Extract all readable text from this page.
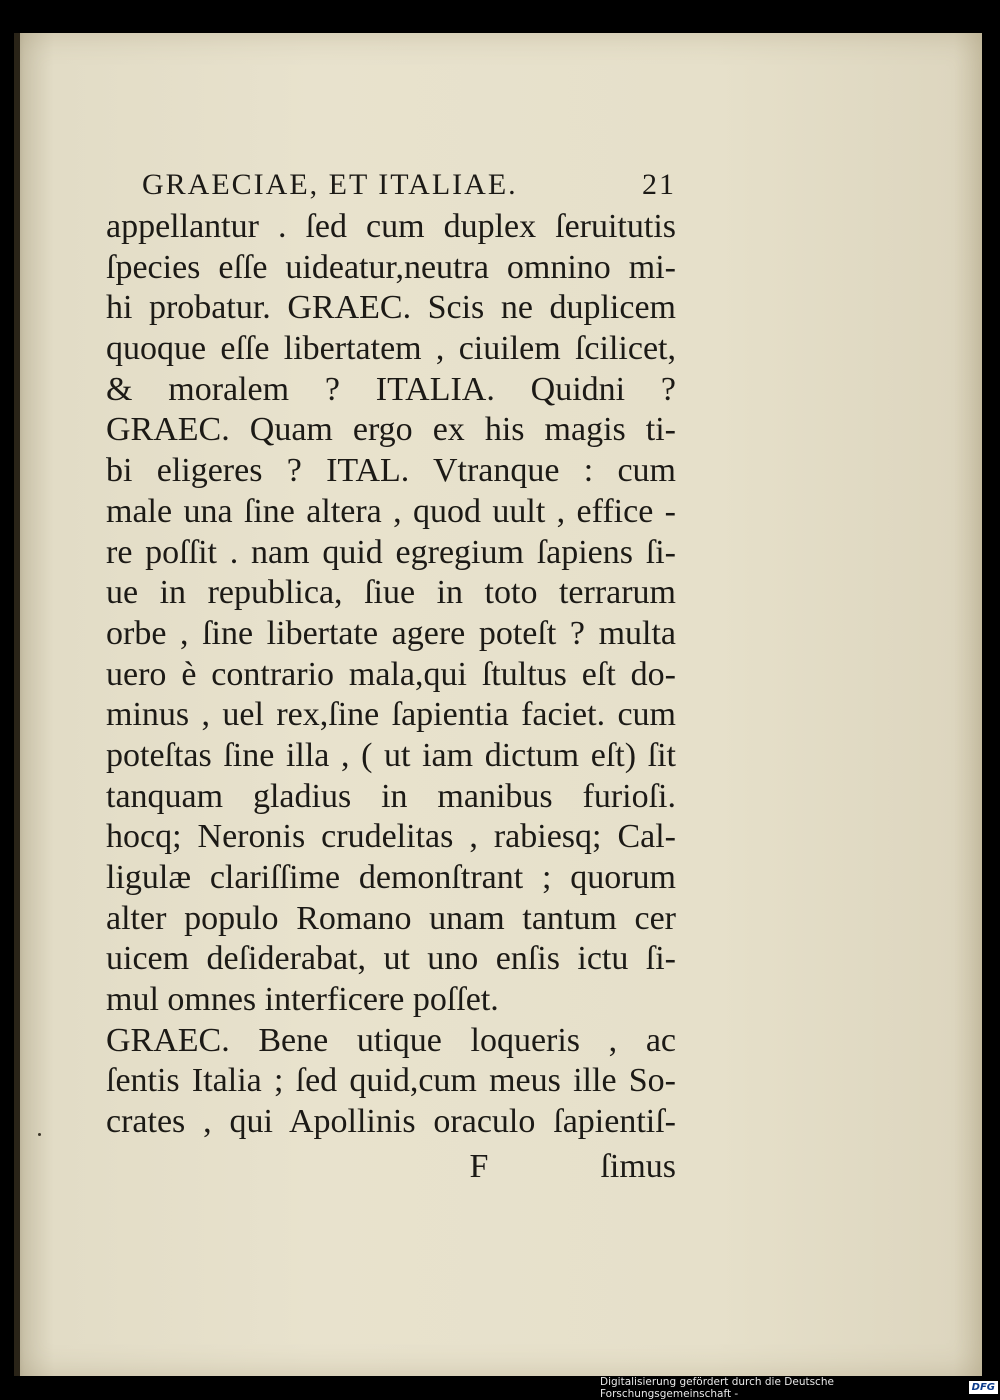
GRAECIAE, ET ITALIAE.	21
appellantur . ſed cum duplex ſeruitutis
ſpecies eſſe uideatur,neutra omnino mi-
hi probatur. GRAEC. Scis ne duplicem
quoque eſſe libertatem , ciuilem ſcilicet,
& moralem ? ITALIA. Quidni ?
GRAEC. Quam ergo ex his magis ti-
bi eligeres ? ITAL. Vtranque : cum
male una ſine altera , quod uult , effice -
re poſſit . nam quid egregium ſapiens ſi-
ue in republica, ſiue in toto terrarum
orbe , ſine libertate agere poteſt ? multa
uero è contrario mala,qui ſtultus eſt do-
minus , uel rex,ſine ſapientia faciet. cum
poteſtas ſine illa , ( ut iam dictum eſt) ſit
tanquam gladius in manibus furioſi.
hocq; Neronis crudelitas , rabiesq; Cal-
ligulæ clariſſime demonſtrant ; quorum
alter populo Romano unam tantum cer
uicem deſiderabat, ut uno enſis ictu ſi-
mul omnes interficere poſſet.
GRAEC. Bene utique loqueris , ac
ſentis Italia ; ſed quid,cum meus ille So-
crates , qui Apollinis oraculo ſapientiſ-
F	ſimus
Digitalisierung gefördert durch die Deutsche Forschungsgemeinschaft -	DFG
